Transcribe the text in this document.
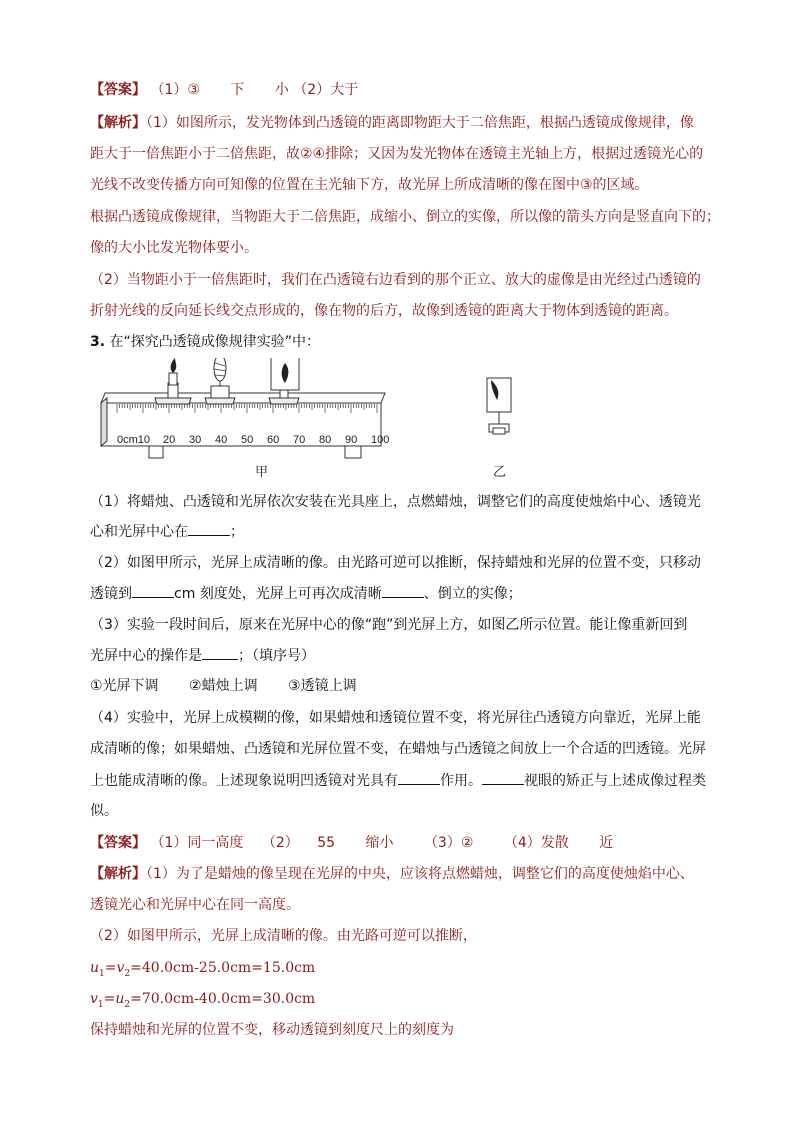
【答案】 （1）③ 下 小 （2）大于
【解析】（1）如图所示，发光物体到凸透镜的距离即物距大于二倍焦距，根据凸透镜成像规律，像
距大于一倍焦距小于二倍焦距，故②④排除；又因为发光物体在透镜主光轴上方，根据过透镜光心的
光线不改变传播方向可知像的位置在主光轴下方，故光屏上所成清晰的像在图中③的区域。
根据凸透镜成像规律，当物距大于二倍焦距，成缩小、倒立的实像，所以像的箭头方向是竖直向下的；
像的大小比发光物体要小。
（2）当物距小于一倍焦距时，我们在凸透镜右边看到的那个正立、放大的虚像是由光经过凸透镜的
折射光线的反向延长线交点形成的，像在物的后方，故像到透镜的距离大于物体到透镜的距离。
3. 在“探究凸透镜成像规律实验”中：
0cm10 20 30 40 50 60 70 80 90 100
甲	乙
（1）将蜡烛、凸透镜和光屏依次安装在光具座上，点燃蜡烛，调整它们的高度使烛焰中心、透镜光
心和光屏中心在	；
（2）如图甲所示，光屏上成清晰的像。由光路可逆可以推断，保持蜡烛和光屏的位置不变，只移动
透镜到	cm 刻度处，光屏上可再次成清晰	、倒立的实像；
（3）实验一段时间后，原来在光屏中心的像“跑”到光屏上方，如图乙所示位置。能让像重新回到
光屏中心的操作是	；（填序号）
①光屏下调 ②蜡烛上调 ③透镜上调
（4）实验中，光屏上成模糊的像，如果蜡烛和透镜位置不变，将光屏往凸透镜方向靠近，光屏上能
成清晰的像；如果蜡烛、凸透镜和光屏位置不变，在蜡烛与凸透镜之间放上一个合适的凹透镜。光屏
上也能成清晰的像。上述现象说明凹透镜对光具有	作用。	视眼的矫正与上述成像过程类
似。
【答案】 （1）同一高度 （2） 55 缩小 （3）② （4）发散 近
【解析】（1）为了是蜡烛的像呈现在光屏的中央，应该将点燃蜡烛，调整它们的高度使烛焰中心、
透镜光心和光屏中心在同一高度。
（2）如图甲所示，光屏上成清晰的像。由光路可逆可以推断，
$u_1=v_2=40.0cm-25.0cm=15.0cm$
$v_1=u_2=70.0cm-40.0cm=30.0cm$
保持蜡烛和光屏的位置不变，移动透镜到刻度尺上的刻度为
